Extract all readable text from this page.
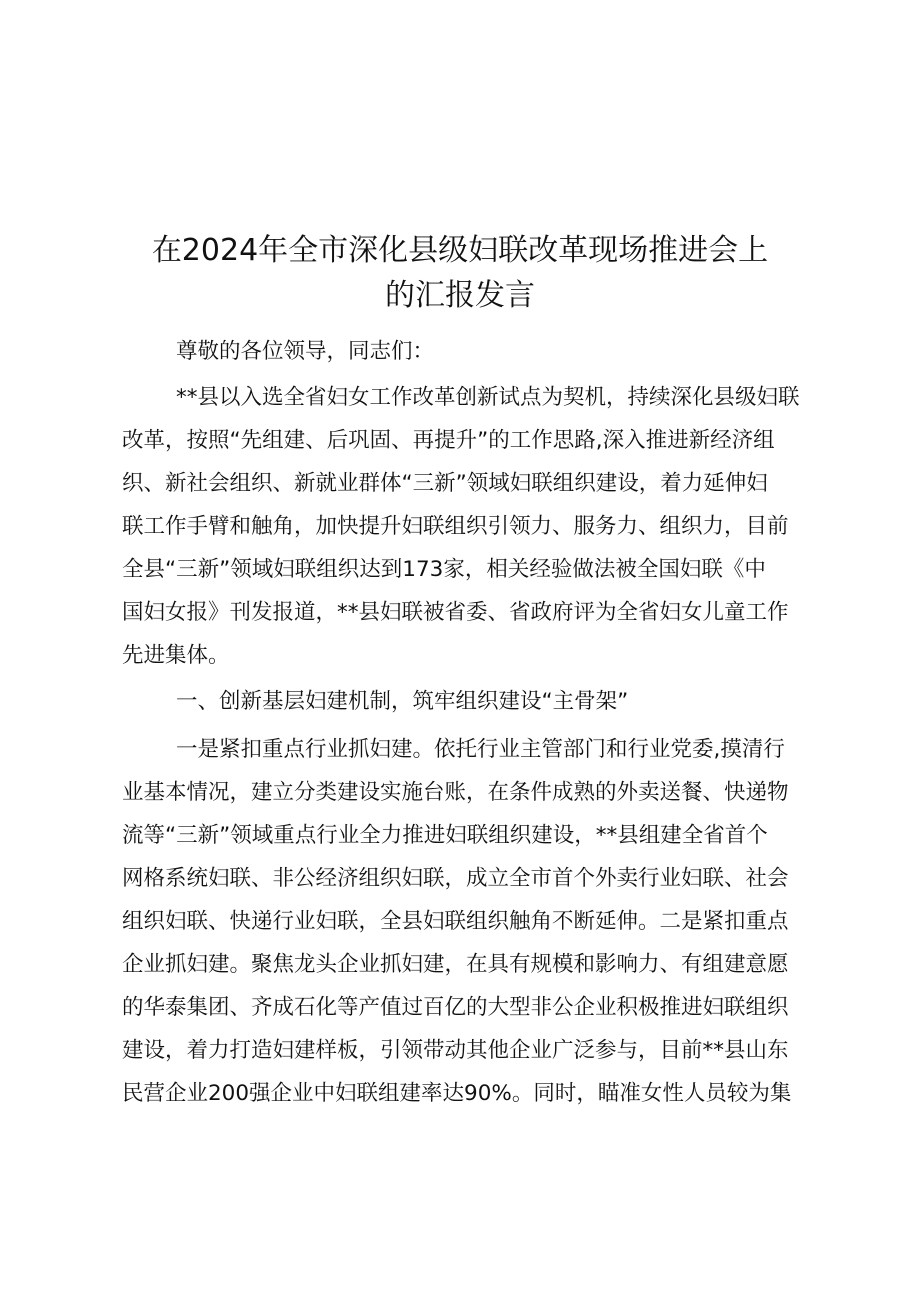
在2024年全市深化县级妇联改革现场推进会上
的汇报发言

尊敬的各位领导，同志们：

**县以入选全省妇女工作改革创新试点为契机，持续深化县级妇联

改革，按照“先组建、后巩固、再提升”的工作思路,深入推进新经济组

织、新社会组织、新就业群体“三新”领域妇联组织建设，着力延伸妇

联工作手臂和触角，加快提升妇联组织引领力、服务力、组织力，目前

全县“三新”领域妇联组织达到173家，相关经验做法被全国妇联《中

国妇女报》刊发报道，**县妇联被省委、省政府评为全省妇女儿童工作

先进集体。

一、创新基层妇建机制，筑牢组织建设“主骨架”

一是紧扣重点行业抓妇建。依托行业主管部门和行业党委,摸清行

业基本情况，建立分类建设实施台账，在条件成熟的外卖送餐、快递物

流等“三新”领域重点行业全力推进妇联组织建设，**县组建全省首个

网格系统妇联、非公经济组织妇联，成立全市首个外卖行业妇联、社会

组织妇联、快递行业妇联，全县妇联组织触角不断延伸。二是紧扣重点

企业抓妇建。聚焦龙头企业抓妇建，在具有规模和影响力、有组建意愿

的华泰集团、齐成石化等产值过百亿的大型非公企业积极推进妇联组织

建设，着力打造妇建样板，引领带动其他企业广泛参与，目前**县山东

民营企业200强企业中妇联组建率达90%。同时，瞄准女性人员较为集
